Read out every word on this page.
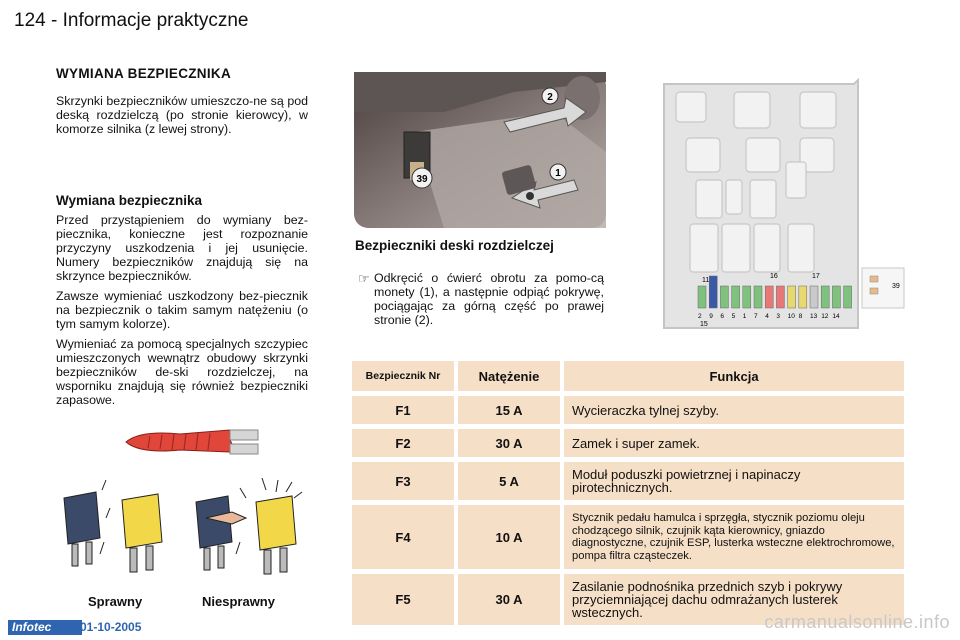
124 - Informacje praktyczne
WYMIANA BEZPIECZNIKA

Skrzynki bezpieczników umieszczo-ne są pod deską rozdzielczą (po stronie kierowcy), w komorze silnika (z lewej strony).

Wymiana bezpiecznika

Przed przystąpieniem do wymiany bez-piecznika, konieczne jest rozpoznanie przyczyny uszkodzenia i jej usunięcie. Numery bezpieczników znajdują się na skrzynce bezpieczników.

Zawsze wymieniać uszkodzony bez-piecznik na bezpiecznik o takim samym natężeniu (o tym samym kolorze).

Wymieniać za pomocą specjalnych szczypiec umieszczonych wewnątrz obudowy skrzynki bezpieczników de-ski rozdzielczej, na wsporniku znajdują się również bezpieczniki zapasowe.

Sprawny	Niesprawny
2
1
39
Bezpieczniki deski rozdzielczej
☞ Odkręcić o ćwierć obrotu za pomo-cą monety (1), a następnie odpiąć pokrywę, pociągając za górną część po prawej stronie (2).

39
11
16	17
2 9 6 5 1 7 4 3 10 8 13 12 14
15
Bezpiecznik Nr	Natężenie	Funkcja
F1	15 A	Wycieraczka tylnej szyby.
F2	30 A	Zamek i super zamek.
F3	5 A	Moduł poduszki powietrznej i napinaczy pirotechnicznych.
F4	10 A	Stycznik pedału hamulca i sprzęgła, stycznik poziomu oleju chodzącego silnik, czujnik kąta kierownicy, gniazdo diagnostyczne, czujnik ESP, lusterka wsteczne elektrochromowe, pompa filtra cząsteczek.
F5	30 A	Zasilanie podnośnika przednich szyb i pokrywy przyciemniającej dachu odmrażanych lusterek wstecznych.
Infotec	01-10-2005	carmanualsonline.info
